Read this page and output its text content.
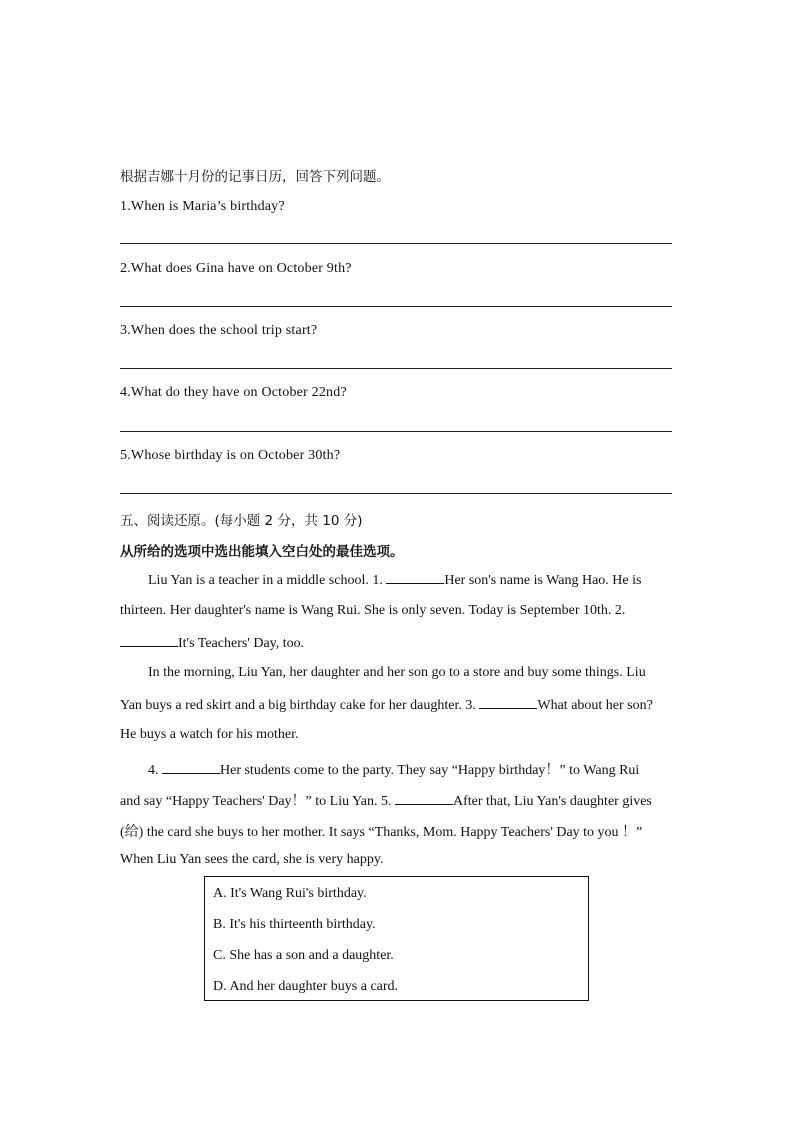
根据吉娜十月份的记事日历，回答下列问题。
1.When is Maria’s birthday?
2.What does Gina have on October 9th?
3.When does the school trip start?
4.What do they have on October 22nd?
5.Whose birthday is on October 30th?
五、阅读还原。(每小题 2 分，共 10 分)
从所给的选项中选出能填入空白处的最佳选项。
Liu Yan is a teacher in a middle school. 1.	Her son's name is Wang Hao. He is
thirteen. Her daughter's name is Wang Rui. She is only seven. Today is September 10th. 2.
It's Teachers' Day, too.
In the morning, Liu Yan, her daughter and her son go to a store and buy some things. Liu
Yan buys a red skirt and a big birthday cake for her daughter. 3.	What about her son?
He buys a watch for his mother.
4.	Her students come to the party. They say “Happy birthday！” to Wang Rui
and say “Happy Teachers' Day！” to Liu Yan. 5.	After that, Liu Yan's daughter gives
(给) the card she buys to her mother. It says “Thanks, Mom. Happy Teachers' Day to you ！”
When Liu Yan sees the card, she is very happy.
A. It's Wang Rui's birthday.
B. It's his thirteenth birthday.
C. She has a son and a daughter.
D. And her daughter buys a card.
